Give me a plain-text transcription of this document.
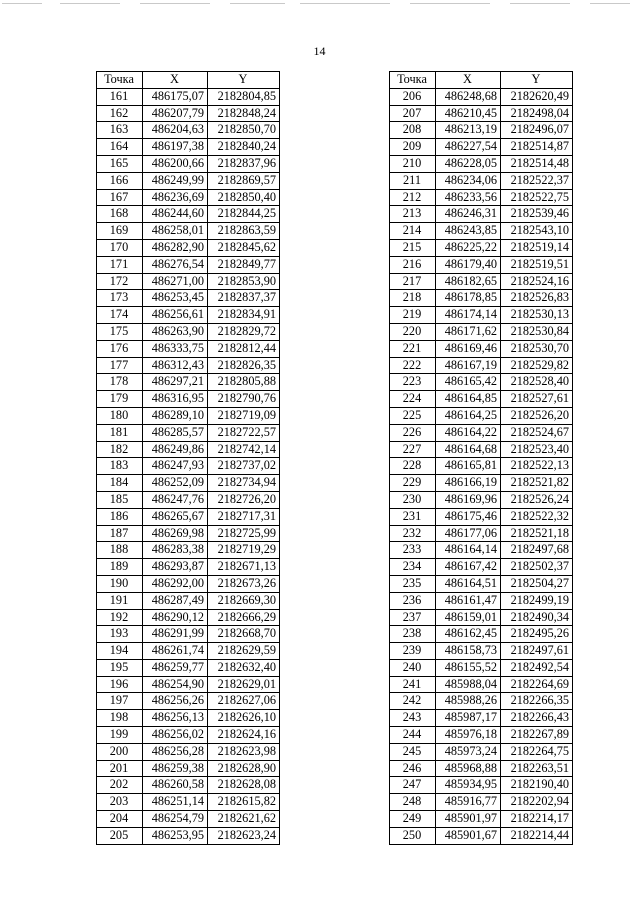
14
Точка	X	Y
161	486175,07	2182804,85
162	486207,79	2182848,24
163	486204,63	2182850,70
164	486197,38	2182840,24
165	486200,66	2182837,96
166	486249,99	2182869,57
167	486236,69	2182850,40
168	486244,60	2182844,25
169	486258,01	2182863,59
170	486282,90	2182845,62
171	486276,54	2182849,77
172	486271,00	2182853,90
173	486253,45	2182837,37
174	486256,61	2182834,91
175	486263,90	2182829,72
176	486333,75	2182812,44
177	486312,43	2182826,35
178	486297,21	2182805,88
179	486316,95	2182790,76
180	486289,10	2182719,09
181	486285,57	2182722,57
182	486249,86	2182742,14
183	486247,93	2182737,02
184	486252,09	2182734,94
185	486247,76	2182726,20
186	486265,67	2182717,31
187	486269,98	2182725,99
188	486283,38	2182719,29
189	486293,87	2182671,13
190	486292,00	2182673,26
191	486287,49	2182669,30
192	486290,12	2182666,29
193	486291,99	2182668,70
194	486261,74	2182629,59
195	486259,77	2182632,40
196	486254,90	2182629,01
197	486256,26	2182627,06
198	486256,13	2182626,10
199	486256,02	2182624,16
200	486256,28	2182623,98
201	486259,38	2182628,90
202	486260,58	2182628,08
203	486251,14	2182615,82
204	486254,79	2182621,62
205	486253,95	2182623,24
Точка	X	Y
206	486248,68	2182620,49
207	486210,45	2182498,04
208	486213,19	2182496,07
209	486227,54	2182514,87
210	486228,05	2182514,48
211	486234,06	2182522,37
212	486233,56	2182522,75
213	486246,31	2182539,46
214	486243,85	2182543,10
215	486225,22	2182519,14
216	486179,40	2182519,51
217	486182,65	2182524,16
218	486178,85	2182526,83
219	486174,14	2182530,13
220	486171,62	2182530,84
221	486169,46	2182530,70
222	486167,19	2182529,82
223	486165,42	2182528,40
224	486164,85	2182527,61
225	486164,25	2182526,20
226	486164,22	2182524,67
227	486164,68	2182523,40
228	486165,81	2182522,13
229	486166,19	2182521,82
230	486169,96	2182526,24
231	486175,46	2182522,32
232	486177,06	2182521,18
233	486164,14	2182497,68
234	486167,42	2182502,37
235	486164,51	2182504,27
236	486161,47	2182499,19
237	486159,01	2182490,34
238	486162,45	2182495,26
239	486158,73	2182497,61
240	486155,52	2182492,54
241	485988,04	2182264,69
242	485988,26	2182266,35
243	485987,17	2182266,43
244	485976,18	2182267,89
245	485973,24	2182264,75
246	485968,88	2182263,51
247	485934,95	2182190,40
248	485916,77	2182202,94
249	485901,97	2182214,17
250	485901,67	2182214,44
